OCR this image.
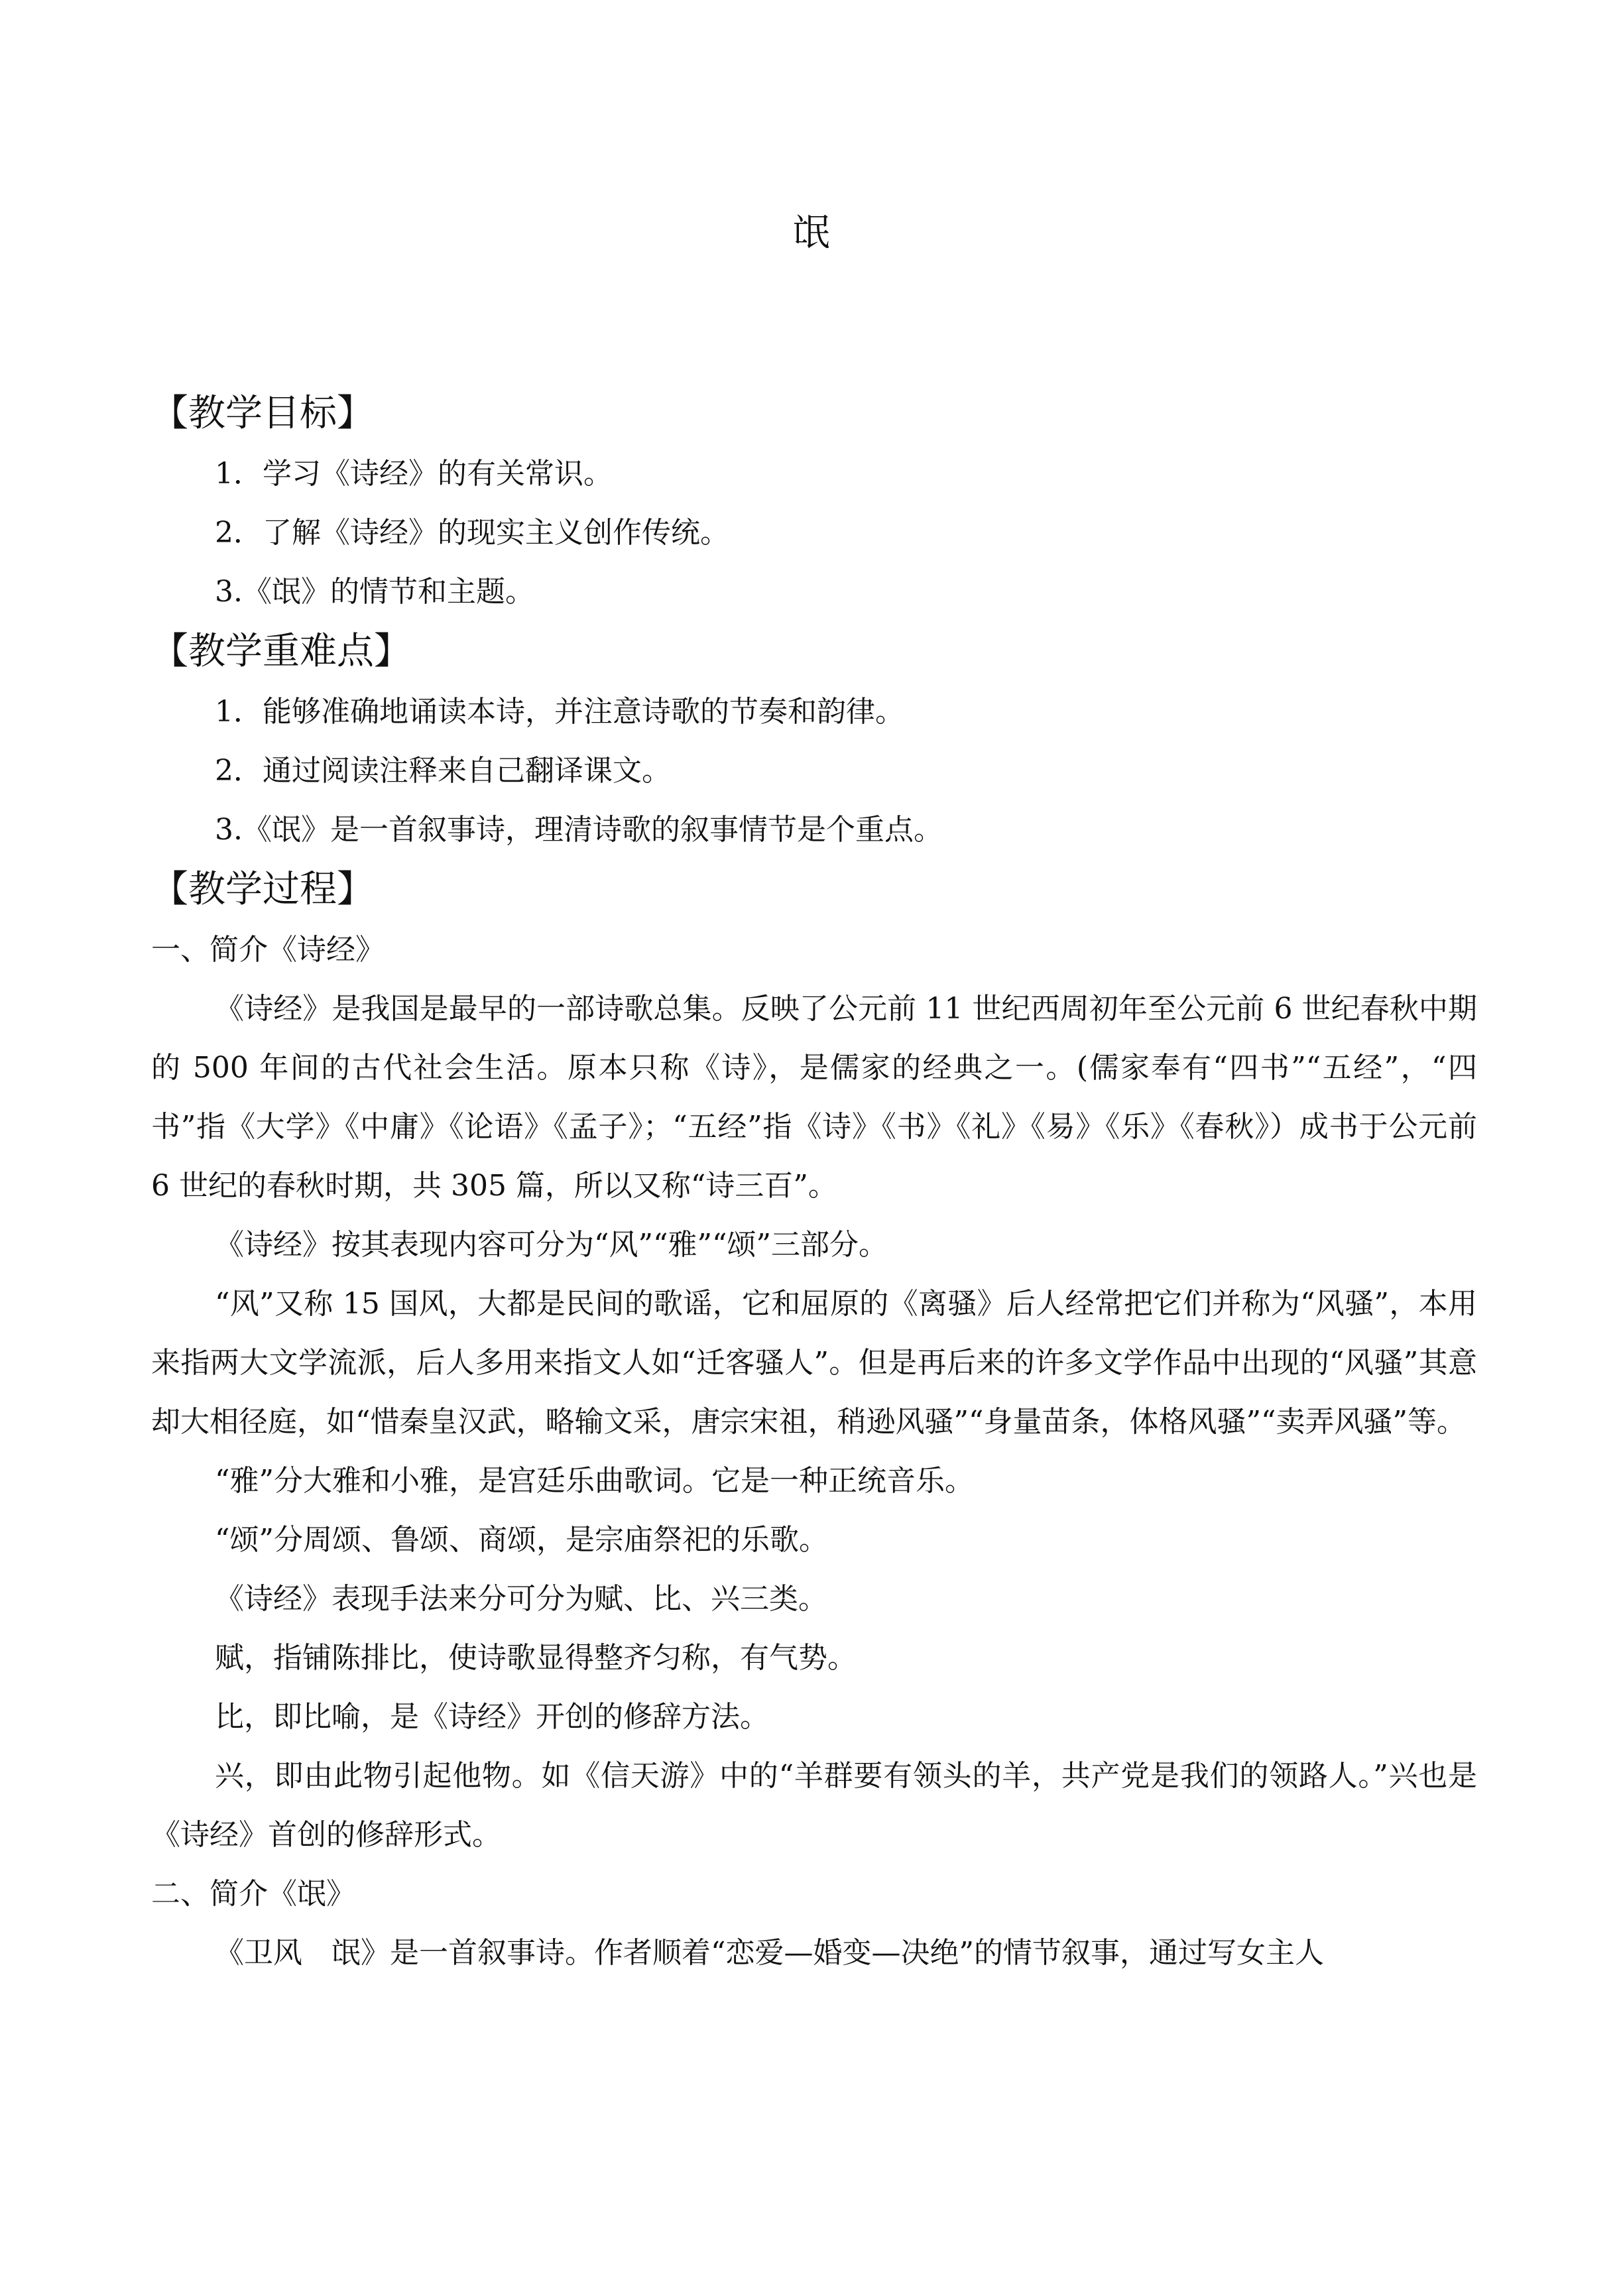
氓
【教学目标】

1．学习《诗经》的有关常识。

2．了解《诗经》的现实主义创作传统。

3.《氓》的情节和主题。

【教学重难点】

1．能够准确地诵读本诗，并注意诗歌的节奏和韵律。

2．通过阅读注释来自己翻译课文。

3.《氓》是一首叙事诗，理清诗歌的叙事情节是个重点。

【教学过程】

一、简介《诗经》

《诗经》是我国是最早的一部诗歌总集。反映了公元前 11 世纪西周初年至公元前 6 世纪春秋中期的 500 年间的古代社会生活。原本只称《诗》，是儒家的经典之一。(儒家奉有“四书”“五经”，“四书”指《大学》《中庸》《论语》《孟子》；“五经”指《诗》《书》《礼》《易》《乐》《春秋》）成书于公元前 6 世纪的春秋时期，共 305 篇，所以又称“诗三百”。

《诗经》按其表现内容可分为“风”“雅”“颂”三部分。

“风”又称 15 国风，大都是民间的歌谣，它和屈原的《离骚》后人经常把它们并称为“风骚”，本用来指两大文学流派，后人多用来指文人如“迁客骚人”。但是再后来的许多文学作品中出现的“风骚”其意却大相径庭，如“惜秦皇汉武，略输文采，唐宗宋祖，稍逊风骚”“身量苗条，体格风骚”“卖弄风骚”等。

“雅”分大雅和小雅，是宫廷乐曲歌词。它是一种正统音乐。

“颂”分周颂、鲁颂、商颂，是宗庙祭祀的乐歌。

《诗经》表现手法来分可分为赋、比、兴三类。

赋，指铺陈排比，使诗歌显得整齐匀称，有气势。

比，即比喻，是《诗经》开创的修辞方法。

兴，即由此物引起他物。如《信天游》中的“羊群要有领头的羊，共产党是我们的领路人。”兴也是《诗经》首创的修辞形式。

二、简介《氓》

《卫风　氓》是一首叙事诗。作者顺着“恋爱—婚变—决绝”的情节叙事，通过写女主人
